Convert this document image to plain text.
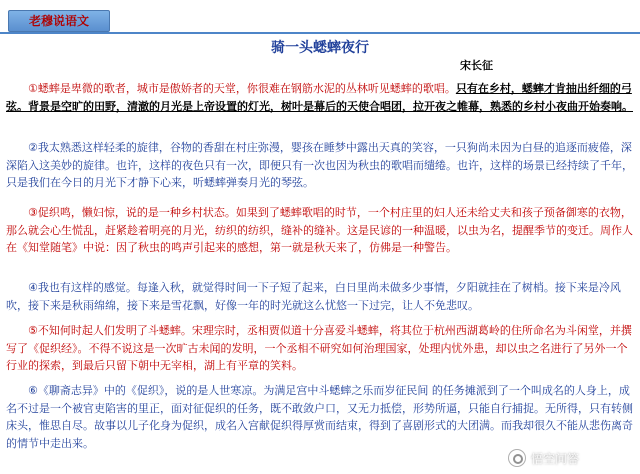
老穆说语文
骑一头蟋蟀夜行
宋长征

①蟋蟀是卑微的歌者，城市是傲娇者的天堂，你很难在钢筋水泥的丛林听见蟋蟀的歌唱。只有在乡村，蟋蟀才肯抽出纤细的弓弦。背景是空旷的田野，清澈的月光是上帝设置的灯光，树叶是幕后的天使合唱团，拉开夜之帷幕，熟悉的乡村小夜曲开始奏响。

②我太熟悉这样轻柔的旋律，谷物的香甜在村庄弥漫，婴孩在睡梦中露出天真的笑容，一只狗尚未因为白昼的追逐而疲倦，深深陷入这美妙的旋律。也许，这样的夜色只有一次，即便只有一次也因为秋虫的歌唱而缱绻。也许，这样的场景已经持续了千年，只是我们在今日的月光下才静下心来，听蟋蟀弹奏月光的琴弦。

③促织鸣，懒妇惊，说的是一种乡村状态。如果到了蟋蟀歌唱的时节，一个村庄里的妇人还未给丈夫和孩子预备御寒的衣物，那么就会心生慌乱，赶紧趁着明亮的月光，纺织的纺织，缝补的缝补。这是民谚的一种温暖，以虫为名，提醒季节的变迁。周作人在《知堂随笔》中说：因了秋虫的鸣声引起来的感想，第一就是秋天来了，仿佛是一种警告。

④我也有这样的感觉。每逢入秋，就觉得时间一下子短了起来，白日里尚未做多少事情，夕阳就挂在了树梢。接下来是冷风吹，接下来是秋雨绵绵，接下来是雪花飘，好像一年的时光就这么忧悠一下过完，让人不免悲叹。

⑤不知何时起人们发明了斗蟋蟀。宋理宗时，丞相贾似道十分喜爱斗蟋蟀，将其位于杭州西湖葛岭的住所命名为斗闲堂，并撰写了《促织经》。不得不说这是一次旷古未闻的发明，一个丞相不研究如何治理国家，处理内忧外患，却以虫之名进行了另外一个行业的探索，到最后只留下朝中无宰相，湖上有平章的笑料。

⑥《聊斋志异》中的《促织》，说的是人世寒凉。为满足宫中斗蟋蟀之乐而岁征民间 的任务摊派到了一个叫成名的人身上，成名不过是一个被官吏陷害的里正，面对征促织的任务，既不敢敛户口，又无力抵偿，形势所逼，只能自行捕捉。无所得，只有转侧床头，惟思自尽。故事以儿子化身为促织，成名入宫献促织得厚赏而结束，得到了喜剧形式的大团满。而我却很久不能从悲伤离奇的情节中走出来。

悟空问答
